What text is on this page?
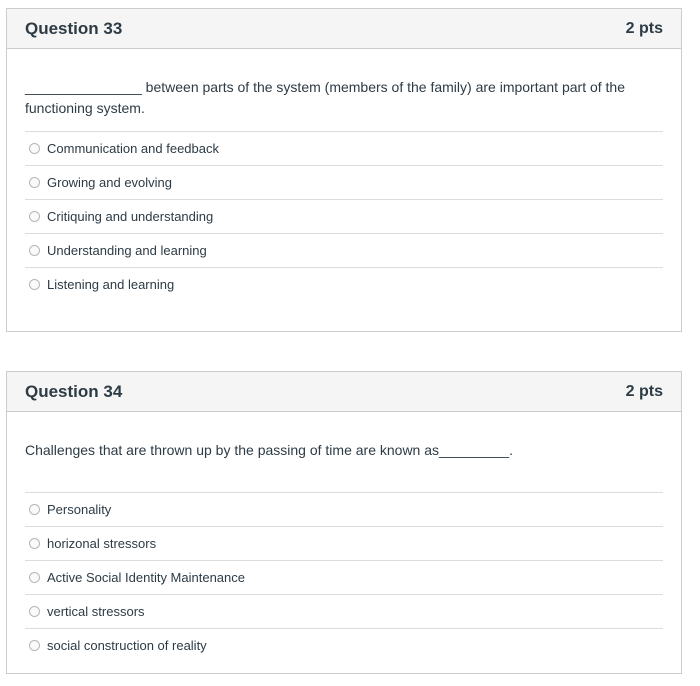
Question 33	2 pts
_______________ between parts of the system (members of the family) are important part of the functioning system.
Communication and feedback
Growing and evolving
Critiquing and understanding
Understanding and learning
Listening and learning
Question 34	2 pts
Challenges that are thrown up by the passing of time are known as_________.
Personality
horizonal stressors
Active Social Identity Maintenance
vertical stressors
social construction of reality
